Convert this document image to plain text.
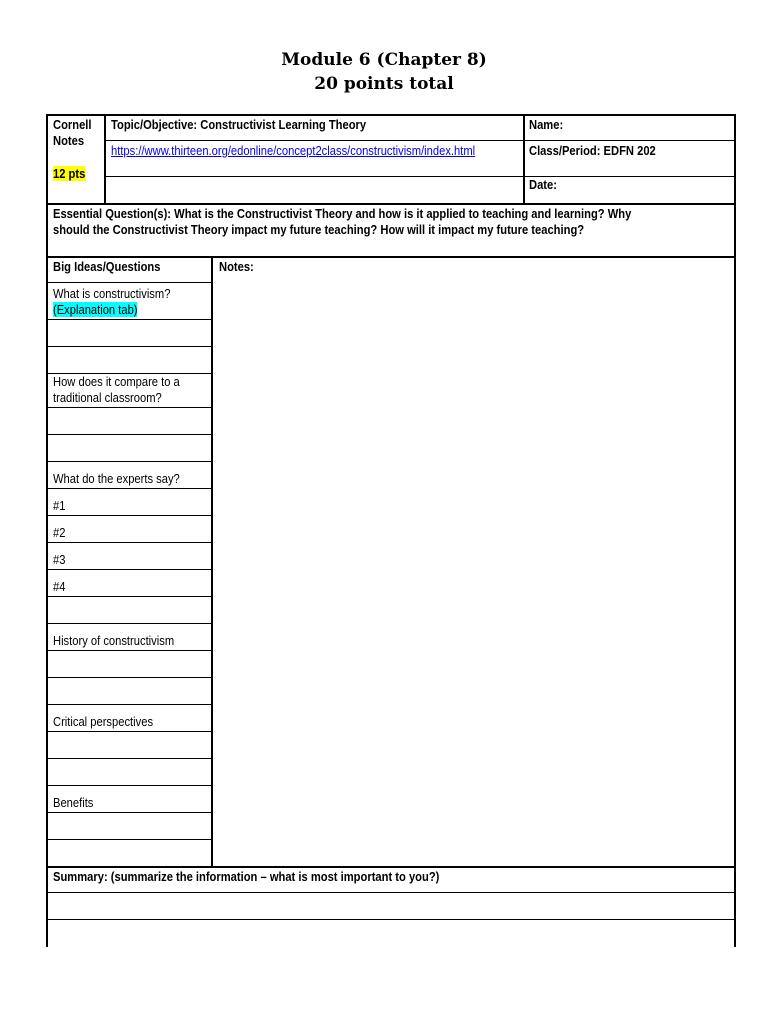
Module 6 (Chapter 8)
20 points total
Cornell
Notes
12 pts
Topic/Objective: Constructivist Learning Theory
https://www.thirteen.org/edonline/concept2class/constructivism/index.html
Name:
Class/Period: EDFN 202
Date:
Essential Question(s): What is the Constructivist Theory and how is it applied to teaching and learning? Why
should the Constructivist Theory impact my future teaching? How will it impact my future teaching?
Big Ideas/Questions	Notes:
What is constructivism?
(Explanation tab)
How does it compare to a
traditional classroom?
What do the experts say?
#1
#2
#3
#4
History of constructivism
Critical perspectives
Benefits
Summary: (summarize the information – what is most important to you?)
